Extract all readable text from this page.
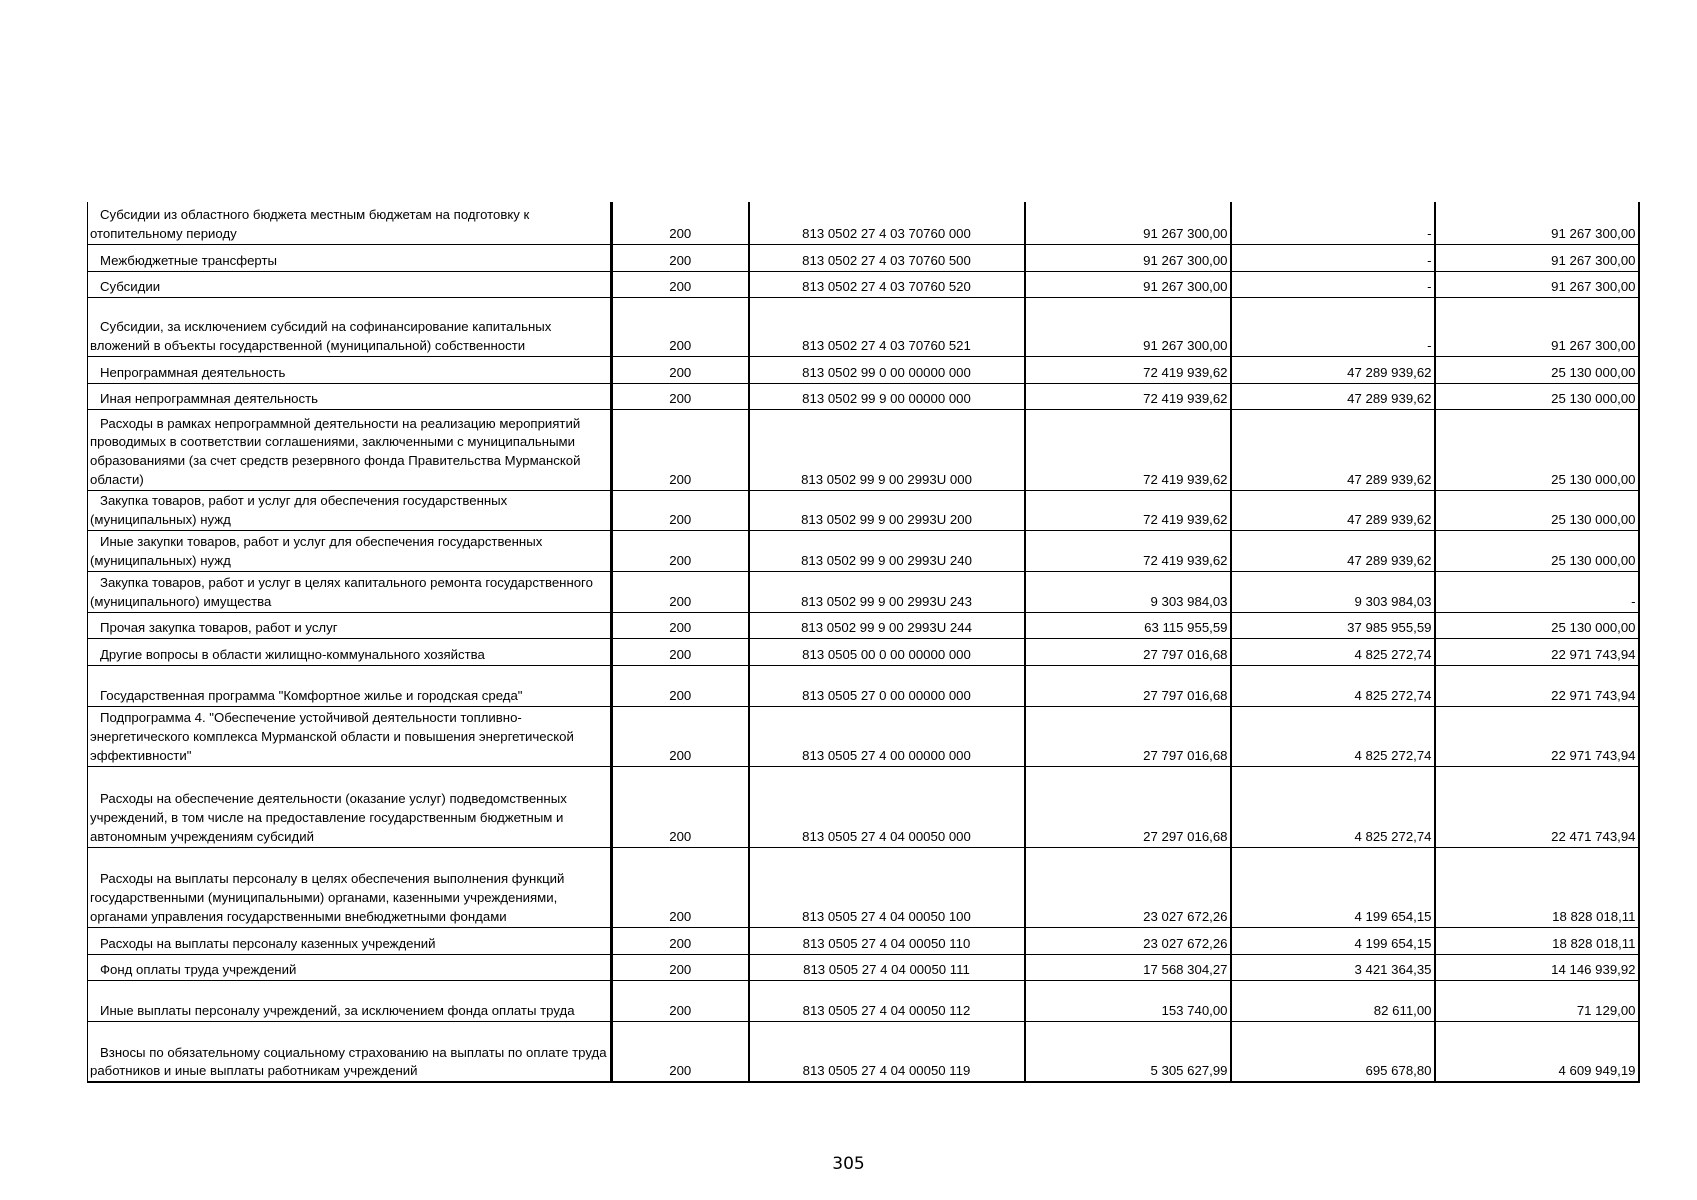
Субсидии из областного бюджета местным бюджетам на подготовку к отопительному периоду	200	813 0502 27 4 03 70760 000	91 267 300,00	-	91 267 300,00

Межбюджетные трансферты	200	813 0502 27 4 03 70760 500	91 267 300,00	-	91 267 300,00

Субсидии	200	813 0502 27 4 03 70760 520	91 267 300,00	-	91 267 300,00

Субсидии, за исключением субсидий на софинансирование капитальных вложений в объекты государственной (муниципальной) собственности	200	813 0502 27 4 03 70760 521	91 267 300,00	-	91 267 300,00

Непрограммная деятельность	200	813 0502 99 0 00 00000 000	72 419 939,62	47 289 939,62	25 130 000,00

Иная непрограммная деятельность	200	813 0502 99 9 00 00000 000	72 419 939,62	47 289 939,62	25 130 000,00

Расходы в рамках непрограммной деятельности на реализацию мероприятий проводимых в соответствии соглашениями, заключенными с муниципальными образованиями (за счет средств резервного фонда Правительства Мурманской области)	200	813 0502 99 9 00 2993U 000	72 419 939,62	47 289 939,62	25 130 000,00

Закупка товаров, работ и услуг для обеспечения государственных (муниципальных) нужд	200	813 0502 99 9 00 2993U 200	72 419 939,62	47 289 939,62	25 130 000,00

Иные закупки товаров, работ и услуг для обеспечения государственных (муниципальных) нужд	200	813 0502 99 9 00 2993U 240	72 419 939,62	47 289 939,62	25 130 000,00

Закупка товаров, работ и услуг в целях капитального ремонта государственного (муниципального) имущества	200	813 0502 99 9 00 2993U 243	9 303 984,03	9 303 984,03	-

Прочая закупка товаров, работ и услуг	200	813 0502 99 9 00 2993U 244	63 115 955,59	37 985 955,59	25 130 000,00

Другие вопросы в области жилищно-коммунального хозяйства	200	813 0505 00 0 00 00000 000	27 797 016,68	4 825 272,74	22 971 743,94

Государственная программа "Комфортное жилье и городская среда"	200	813 0505 27 0 00 00000 000	27 797 016,68	4 825 272,74	22 971 743,94

Подпрограмма 4. "Обеспечение устойчивой деятельности топливно-энергетического комплекса Мурманской области и повышения энергетической эффективности"	200	813 0505 27 4 00 00000 000	27 797 016,68	4 825 272,74	22 971 743,94

Расходы на обеспечение деятельности (оказание услуг) подведомственных учреждений, в том числе на предоставление государственным бюджетным и автономным учреждениям субсидий	200	813 0505 27 4 04 00050 000	27 297 016,68	4 825 272,74	22 471 743,94

Расходы на выплаты персоналу в целях обеспечения выполнения функций государственными (муниципальными) органами, казенными учреждениями, органами управления государственными внебюджетными фондами	200	813 0505 27 4 04 00050 100	23 027 672,26	4 199 654,15	18 828 018,11

Расходы на выплаты персоналу казенных учреждений	200	813 0505 27 4 04 00050 110	23 027 672,26	4 199 654,15	18 828 018,11

Фонд оплаты труда учреждений	200	813 0505 27 4 04 00050 111	17 568 304,27	3 421 364,35	14 146 939,92

Иные выплаты персоналу учреждений, за исключением фонда оплаты труда	200	813 0505 27 4 04 00050 112	153 740,00	82 611,00	71 129,00

Взносы по обязательному социальному страхованию на выплаты по оплате труда работников и иные выплаты работникам учреждений	200	813 0505 27 4 04 00050 119	5 305 627,99	695 678,80	4 609 949,19
305
